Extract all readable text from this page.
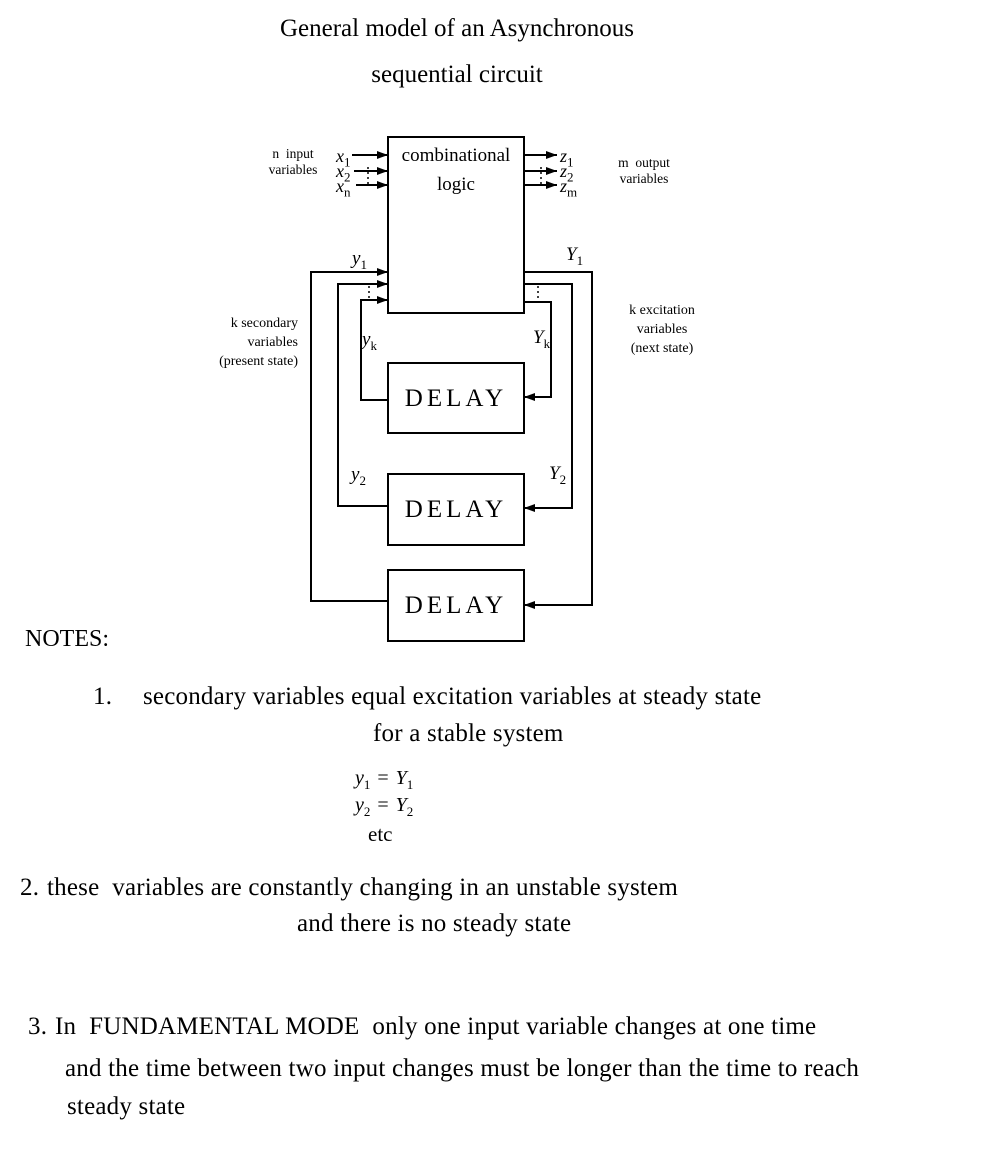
General model of an Asynchronous
sequential circuit
combinational
logic
DELAY
DELAY
DELAY
n  input
variables
$x_1$
$x_2$
$x_n$
$z_1$
$z_2$
$z_m$
m  output
variables
$y_1$	$Y_1$
$y_k$	$Y_k$
$y_2$	$Y_2$
k secondary
variables
(present state)
k excitation
variables
(next state)
NOTES:
1. secondary variables equal excitation variables at steady state
for a stable system
$y_1 = Y_1$
$y_2 = Y_2$
etc
2. these  variables are constantly changing in an unstable system
and there is no steady state
3. In  FUNDAMENTAL MODE  only one input variable changes at one time
and the time between two input changes must be longer than the time to reach
steady state
